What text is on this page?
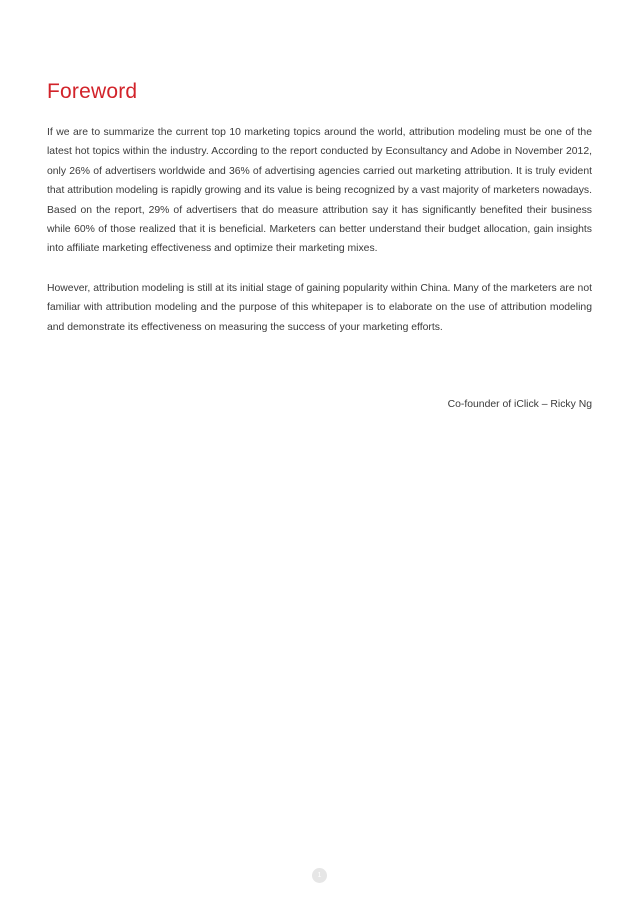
Foreword

If we are to summarize the current top 10 marketing topics around the world, attribution modeling must be one of the latest hot topics within the industry. According to the report conducted by Econsultancy and Adobe in November 2012, only 26% of advertisers worldwide and 36% of advertising agencies carried out marketing attribution. It is truly evident that attribution modeling is rapidly growing and its value is being recognized by a vast majority of marketers nowadays. Based on the report, 29% of advertisers that do measure attribution say it has significantly benefited their business while 60% of those realized that it is beneficial. Marketers can better understand their budget allocation, gain insights into affiliate marketing effectiveness and optimize their marketing mixes.

However, attribution modeling is still at its initial stage of gaining popularity within China. Many of the marketers are not familiar with attribution modeling and the purpose of this whitepaper is to elaborate on the use of attribution modeling and demonstrate its effectiveness on measuring the success of your marketing efforts.

Co-founder of iClick – Ricky Ng

1
